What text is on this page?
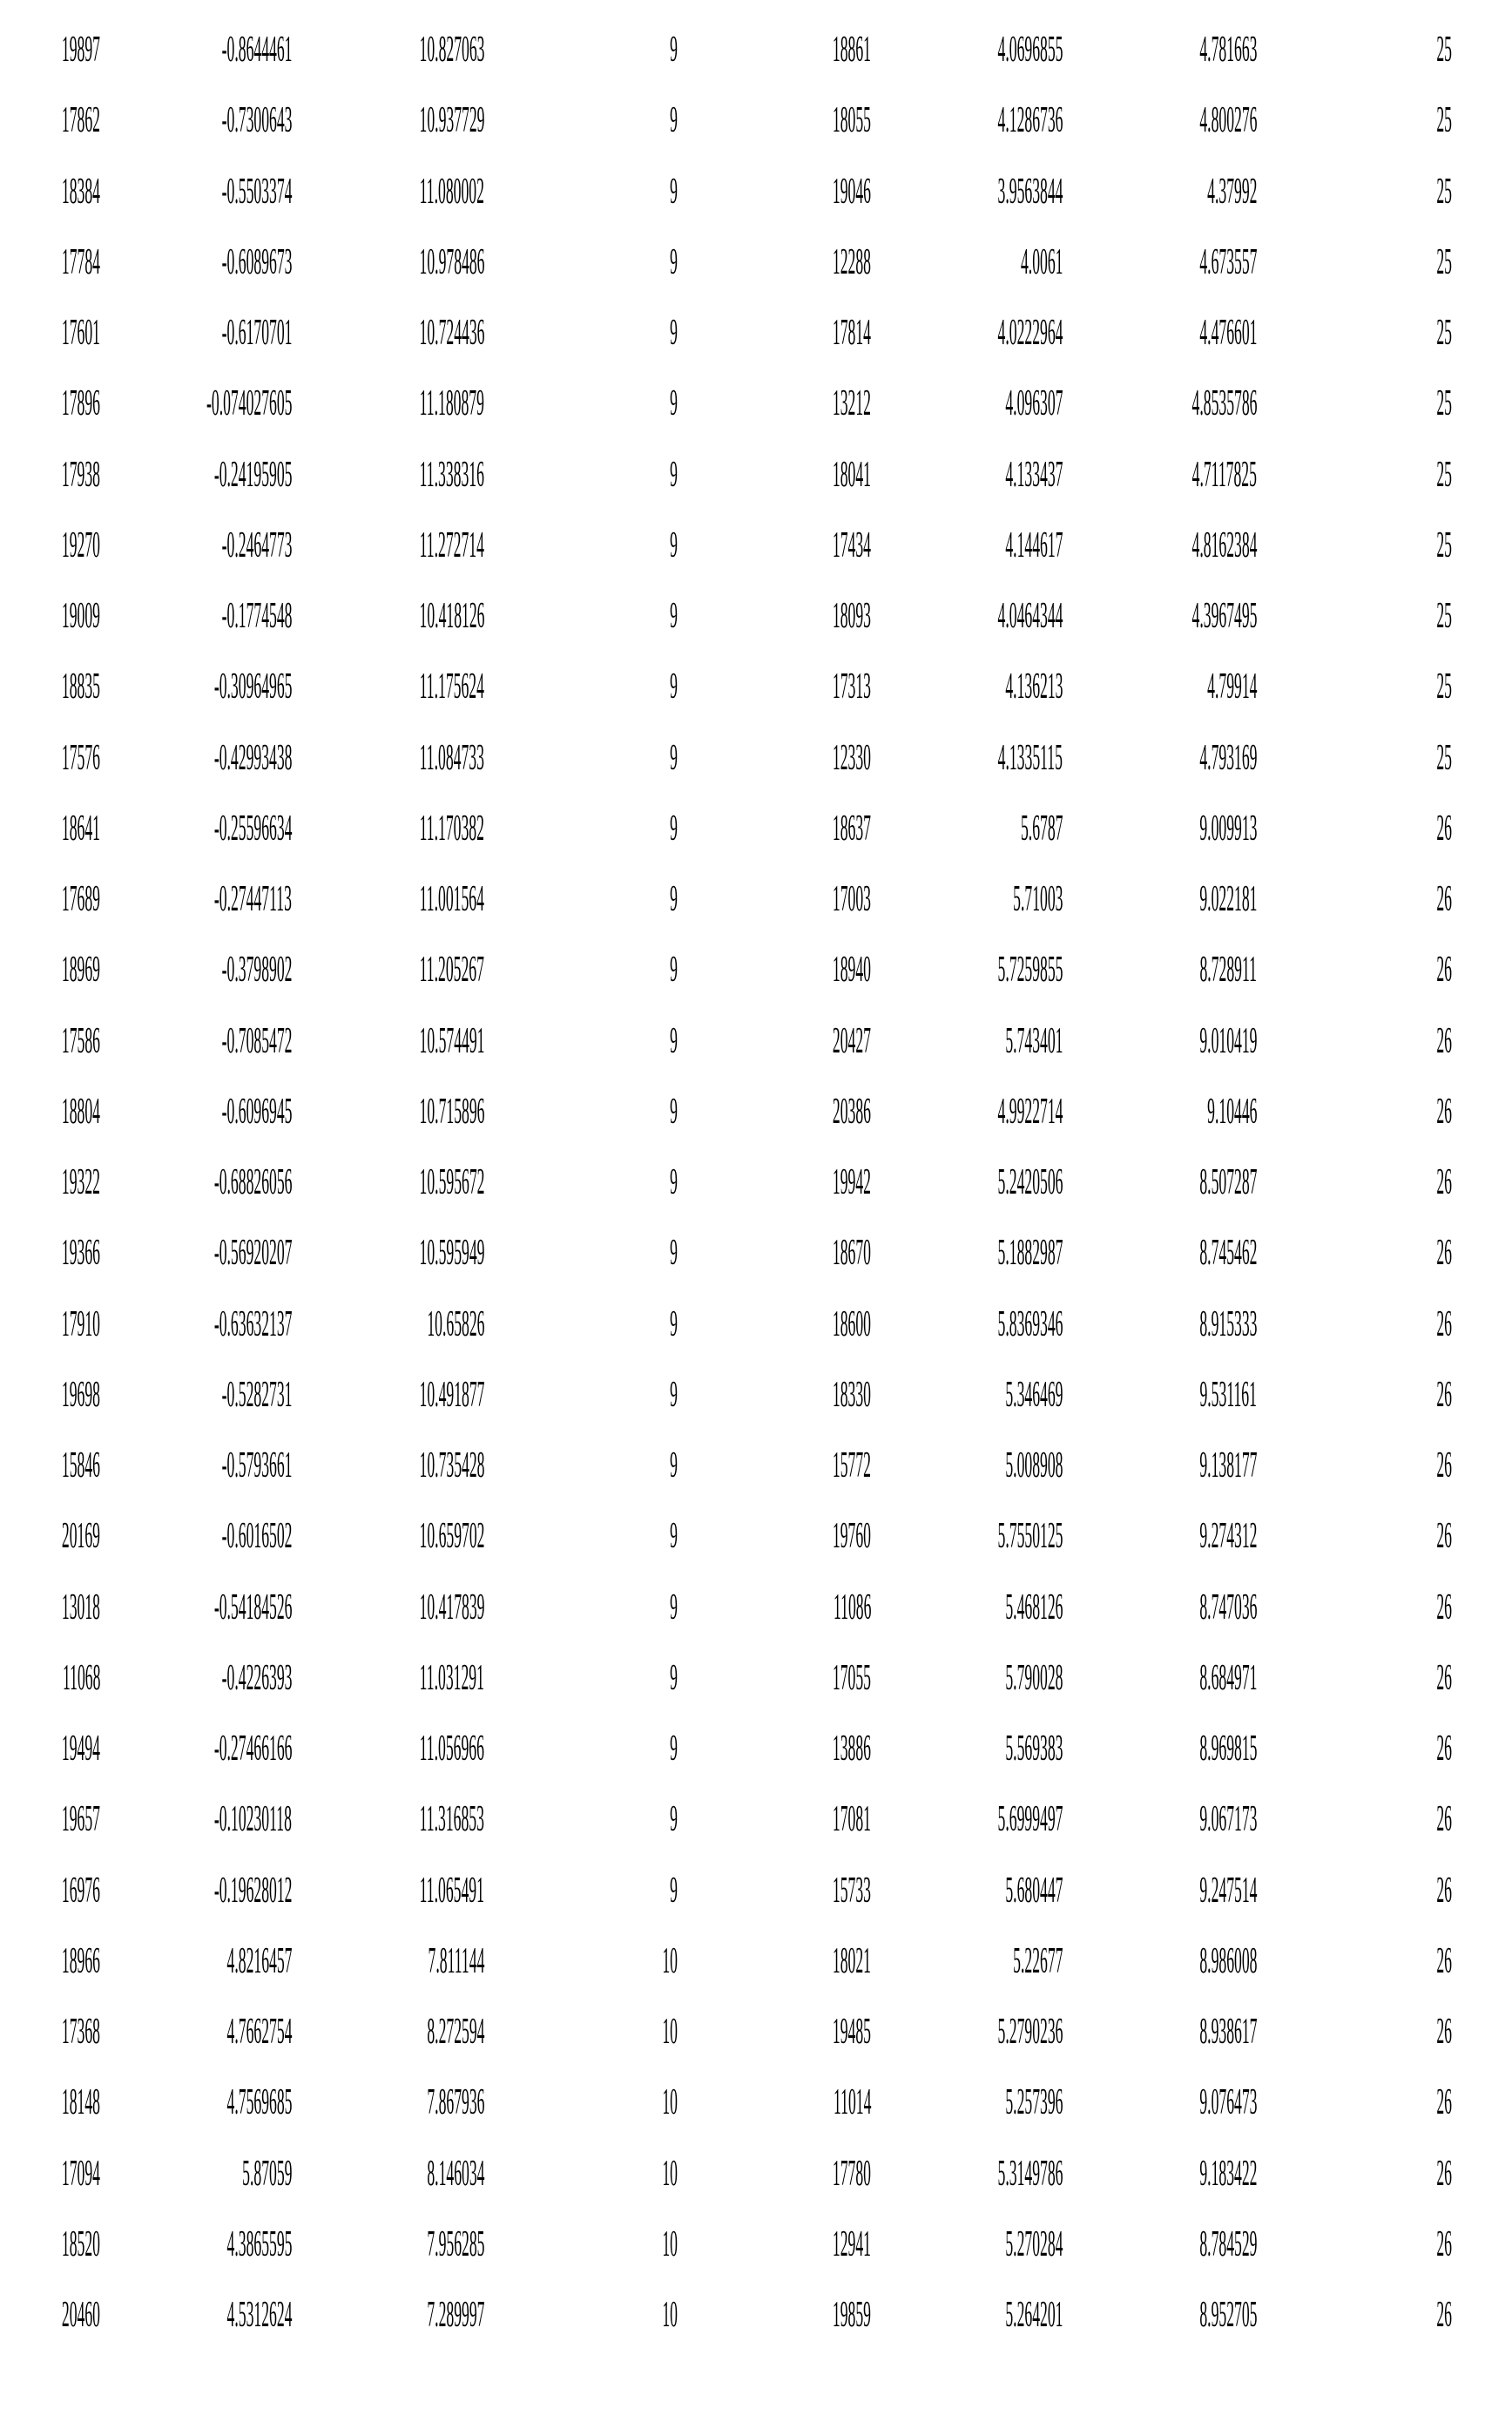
19897	-0.8644461	10.827063	9	18861	4.0696855	4.781663	25
17862	-0.7300643	10.937729	9	18055	4.1286736	4.800276	25
18384	-0.5503374	11.080002	9	19046	3.9563844	4.37992	25
17784	-0.6089673	10.978486	9	12288	4.0061	4.673557	25
17601	-0.6170701	10.724436	9	17814	4.0222964	4.476601	25
17896	-0.074027605	11.180879	9	13212	4.096307	4.8535786	25
17938	-0.24195905	11.338316	9	18041	4.133437	4.7117825	25
19270	-0.2464773	11.272714	9	17434	4.144617	4.8162384	25
19009	-0.1774548	10.418126	9	18093	4.0464344	4.3967495	25
18835	-0.30964965	11.175624	9	17313	4.136213	4.79914	25
17576	-0.42993438	11.084733	9	12330	4.1335115	4.793169	25
18641	-0.25596634	11.170382	9	18637	5.6787	9.009913	26
17689	-0.27447113	11.001564	9	17003	5.71003	9.022181	26
18969	-0.3798902	11.205267	9	18940	5.7259855	8.728911	26
17586	-0.7085472	10.574491	9	20427	5.743401	9.010419	26
18804	-0.6096945	10.715896	9	20386	4.9922714	9.10446	26
19322	-0.68826056	10.595672	9	19942	5.2420506	8.507287	26
19366	-0.56920207	10.595949	9	18670	5.1882987	8.745462	26
17910	-0.63632137	10.65826	9	18600	5.8369346	8.915333	26
19698	-0.5282731	10.491877	9	18330	5.346469	9.531161	26
15846	-0.5793661	10.735428	9	15772	5.008908	9.138177	26
20169	-0.6016502	10.659702	9	19760	5.7550125	9.274312	26
13018	-0.54184526	10.417839	9	11086	5.468126	8.747036	26
11068	-0.4226393	11.031291	9	17055	5.790028	8.684971	26
19494	-0.27466166	11.056966	9	13886	5.569383	8.969815	26
19657	-0.10230118	11.316853	9	17081	5.6999497	9.067173	26
16976	-0.19628012	11.065491	9	15733	5.680447	9.247514	26
18966	4.8216457	7.811144	10	18021	5.22677	8.986008	26
17368	4.7662754	8.272594	10	19485	5.2790236	8.938617	26
18148	4.7569685	7.867936	10	11014	5.257396	9.076473	26
17094	5.87059	8.146034	10	17780	5.3149786	9.183422	26
18520	4.3865595	7.956285	10	12941	5.270284	8.784529	26
20460	4.5312624	7.289997	10	19859	5.264201	8.952705	26
